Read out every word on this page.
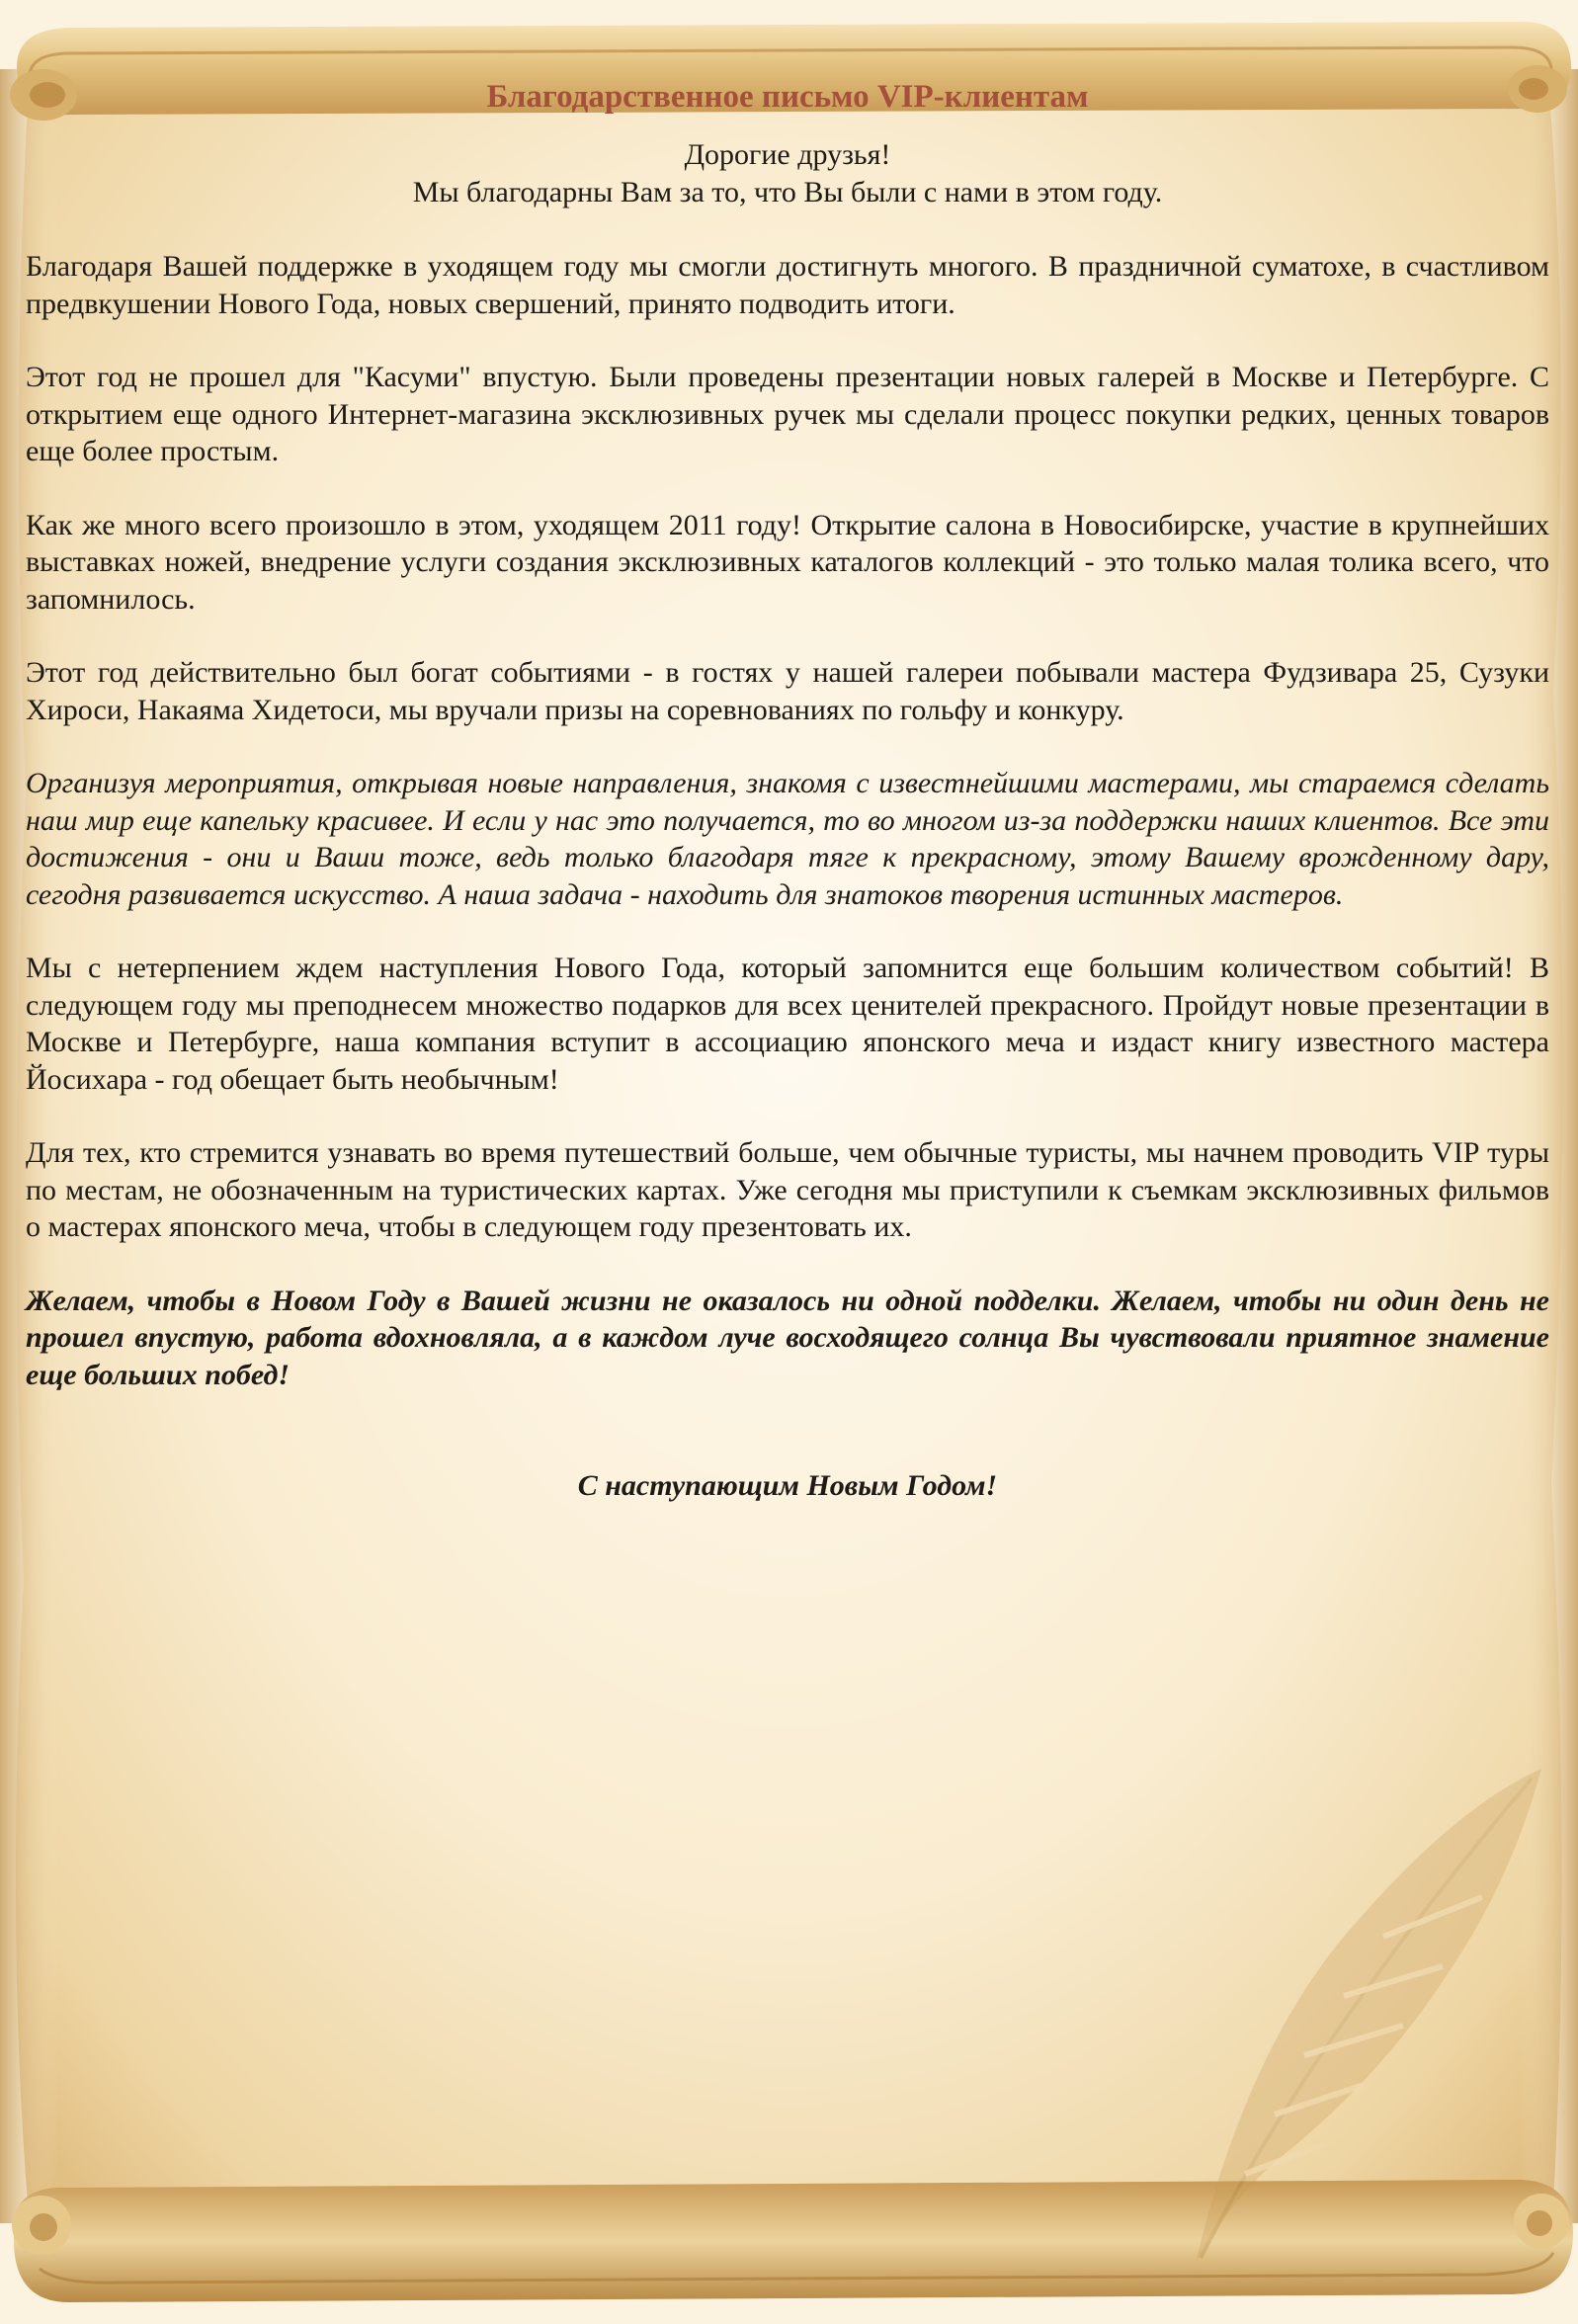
Благодарственное письмо VIP-клиентам
Дорогие друзья!
Мы благодарны Вам за то, что Вы были с нами в этом году.

Благодаря Вашей поддержке в уходящем году мы смогли достигнуть многого. В праздничной суматохе, в счастливом предвкушении Нового Года, новых свершений, принято подводить итоги.

Этот год не прошел для "Касуми" впустую. Были проведены презентации новых галерей в Москве и Петербурге. С открытием еще одного Интернет-магазина эксклюзивных ручек мы сделали процесс покупки редких, ценных товаров еще более простым.

Как же много всего произошло в этом, уходящем 2011 году! Открытие салона в Новосибирске, участие в крупнейших выставках ножей, внедрение услуги создания эксклюзивных каталогов коллекций - это только малая толика всего, что запомнилось.

Этот год действительно был богат событиями - в гостях у нашей галереи побывали мастера Фудзивара 25, Сузуки Хироси, Накаяма Хидетоси, мы вручали призы на соревнованиях по гольфу и конкуру.

Организуя мероприятия, открывая новые направления, знакомя с известнейшими мастерами, мы стараемся сделать наш мир еще капельку красивее. И если у нас это получается, то во многом из-за поддержки наших клиентов. Все эти достижения - они и Ваши тоже, ведь только благодаря тяге к прекрасному, этому Вашему врожденному дару, сегодня развивается искусство. А наша задача - находить для знатоков творения истинных мастеров.

Мы с нетерпением ждем наступления Нового Года, который запомнится еще большим количеством событий! В следующем году мы преподнесем множество подарков для всех ценителей прекрасного. Пройдут новые презентации в Москве и Петербурге, наша компания вступит в ассоциацию японского меча и издаст книгу известного мастера Йосихара - год обещает быть необычным!

Для тех, кто стремится узнавать во время путешествий больше, чем обычные туристы, мы начнем проводить VIP туры по местам, не обозначенным на туристических картах. Уже сегодня мы приступили к съемкам эксклюзивных фильмов о мастерах японского меча, чтобы в следующем году презентовать их.

Желаем, чтобы в Новом Году в Вашей жизни не оказалось ни одной подделки. Желаем, чтобы ни один день не прошел впустую, работа вдохновляла, а в каждом луче восходящего солнца Вы чувствовали приятное знамение еще больших побед!

С наступающим Новым Годом!
